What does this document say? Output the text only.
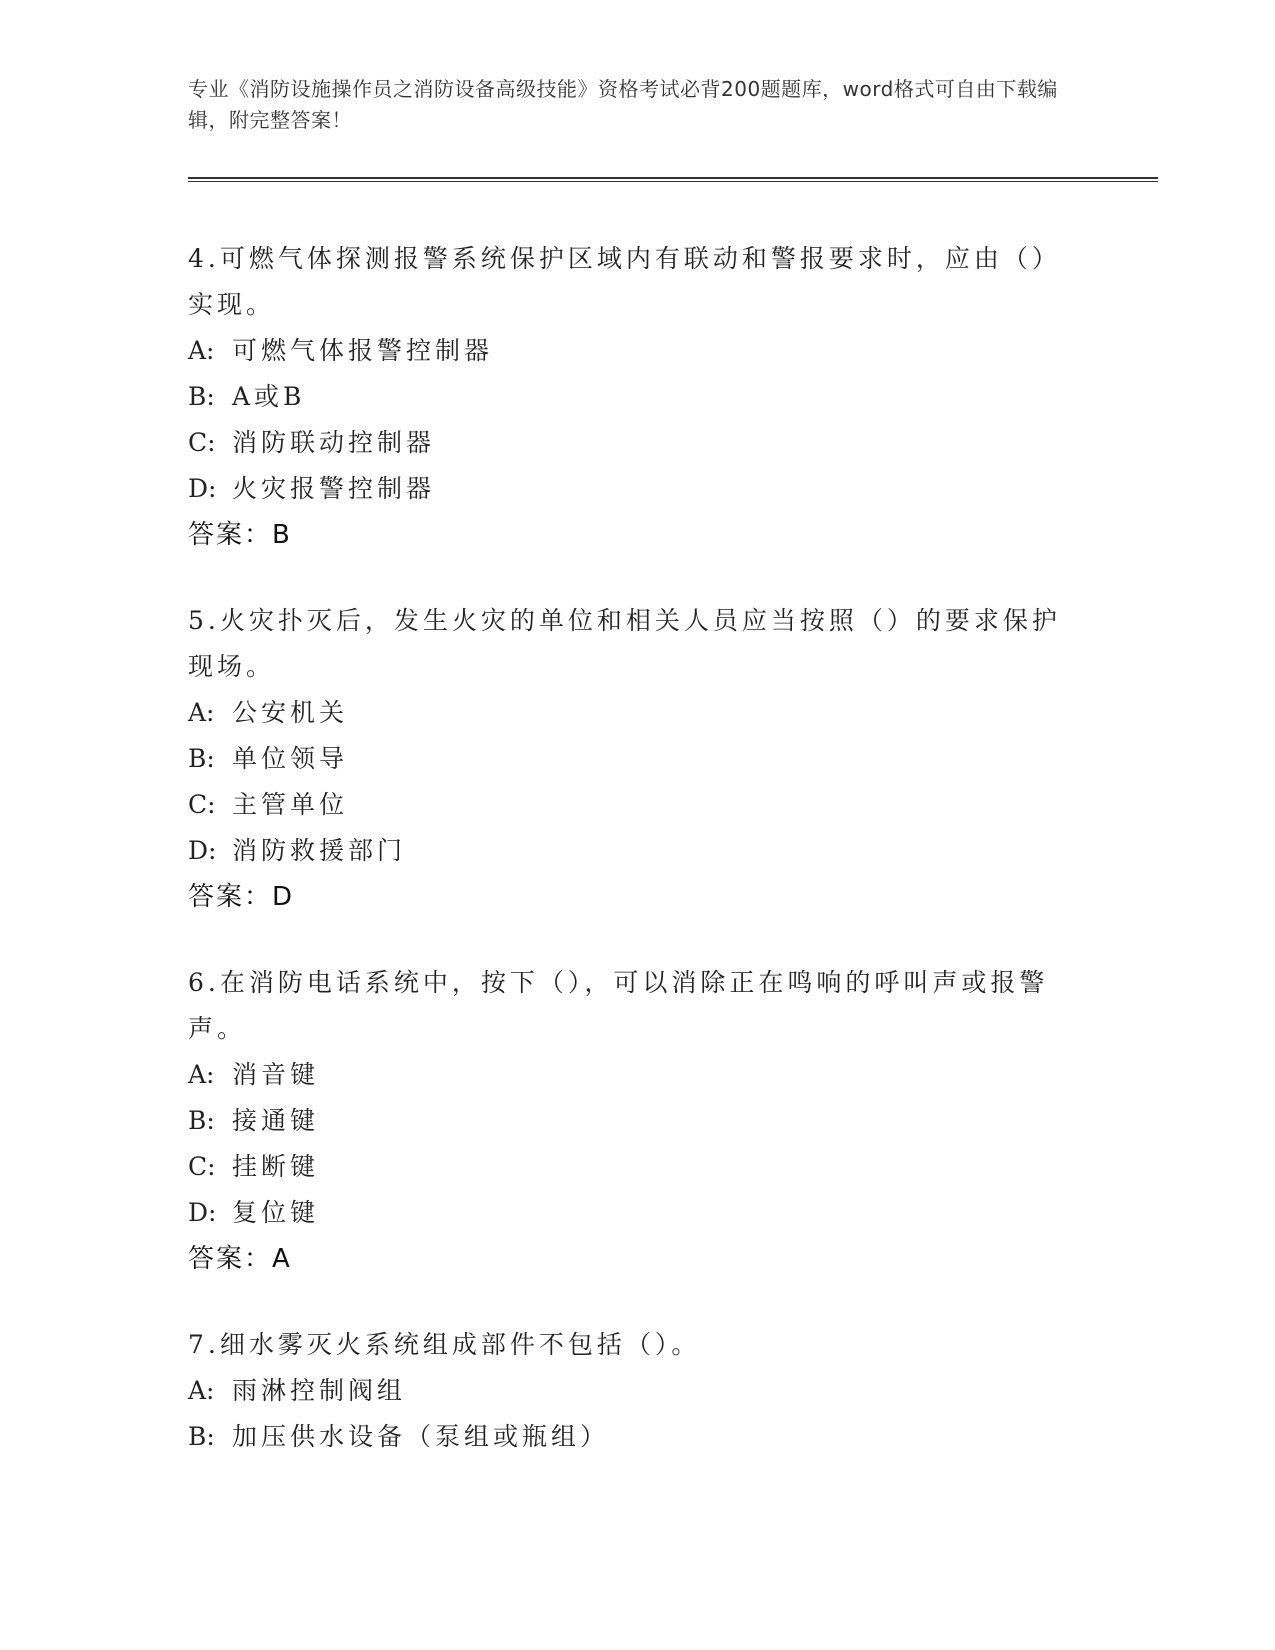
专业《消防设施操作员之消防设备高级技能》资格考试必背200题题库，word格式可自由下载编辑，附完整答案！
4.可燃气体探测报警系统保护区域内有联动和警报要求时，应由（）实现。
A: 可燃气体报警控制器
B: A或B
C: 消防联动控制器
D: 火灾报警控制器
答案：B
5.火灾扑灭后，发生火灾的单位和相关人员应当按照（）的要求保护现场。
A: 公安机关
B: 单位领导
C: 主管单位
D: 消防救援部门
答案：D
6.在消防电话系统中，按下（），可以消除正在鸣响的呼叫声或报警声。
A: 消音键
B: 接通键
C: 挂断键
D: 复位键
答案：A
7.细水雾灭火系统组成部件不包括（）。
A: 雨淋控制阀组
B: 加压供水设备（泵组或瓶组）
